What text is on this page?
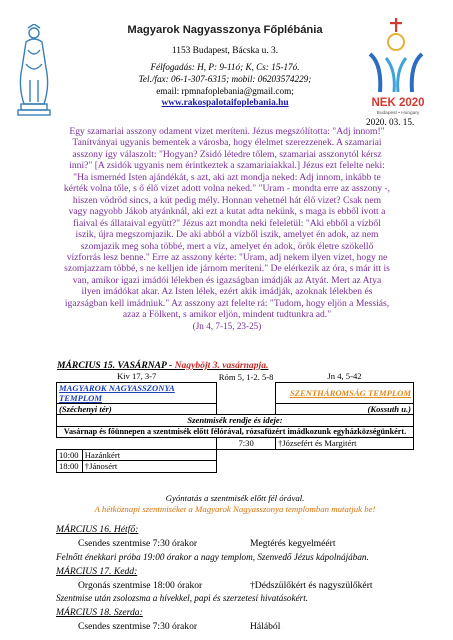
NEK 2020
Budapest • Hungary
Magyarok Nagyasszonya Főplébánia
1153 Budapest, Bácska u. 3.
Félfogadás: H, P: 9-11ó; K, Cs: 15-17ó.
Tel./fax: 06-1-307-6315; mobil: 06203574229;
email: rpmnafoplebania@gmail.com;
www.rakospalotaifoplebania.hu
2020. 03. 15.
Egy szamariai asszony odament vizet meríteni. Jézus megszólította: "Adj innom!"
Tanítványai ugyanis bementek a városba, hogy élelmet szerezzenek. A szamariai
asszony így válaszolt: "Hogyan? Zsidó létedre tőlem, szamariai asszonytól kérsz
inni?" [A zsidók ugyanis nem érintkeztek a szamariaiakkal.] Jézus ezt felelte neki:
"Ha ismernéd Isten ajándékát, s azt, aki azt mondja neked: Adj innom, inkább te
kérték volna tőle, s ő élő vizet adott volna neked." "Uram - mondta erre az asszony -,
hiszen vödröd sincs, a kút pedig mély. Honnan vehetnél hát élő vizet? Csak nem
vagy nagyobb Jákob atyánknál, aki ezt a kutat adta nekünk, s maga is ebből ivott a
fiaival és állataival együtt?" Jézus azt mondta neki feleletül: "Aki ebből a vízből
iszik, újra megszomjazik. De aki abból a vízből iszik, amelyet én adok, az nem
szomjazik meg soha többé, mert a víz, amelyet én adok, örök életre szökellő
vízforrás lesz benne." Erre az asszony kérte: "Uram, adj nekem ilyen vizet, hogy ne
szomjazzam többé, s ne kelljen ide járnom meríteni." De elérkezik az óra, s már itt is
van, amikor igazi imádói lélekben és igazságban imádják az Atyát. Mert az Atya
ilyen imádókat akar. Az Isten lélek, ezért akik imádják, azoknak lélekben és
igazságban kell imádniuk." Az asszony azt felelte rá: "Tudom, hogy eljön a Messiás,
azaz a Fölkent, s amikor eljön, mindent tudtunkra ad."
(Jn 4, 7-15, 23-25)
MÁRCIUS 15. VASÁRNAP - Nagyböjt 3. vasárnapja.
Kiv 17, 3-7		Róm 5, 1-2. 5-8	Jn 4, 5-42
MAGYAROK NAGYASSZONYA TEMPLOM			SZENTHÁROMSÁG TEMPLOM
(Széchenyi tér)			(Kossuth u.)
Szentmisék rendje és ideje:			
Vasárnap és főünnepen a szentmisék előtt félórával, rózsafüzért imádkozunk egyházközségünkért.			
		7:30	†Józsefért és Margitért
10:00	Hazánkért		
18:00	†Jánosért		
Gyóntatás a szentmisék előtt fél órával.
A hétköznapi szentmiséket a Magyarok Nagyasszonya templomban mutatjuk be!
MÁRCIUS 16. Hétfő:
Csendes szentmise 7:30 órakor	Megtérés kegyelméért
Felnőtt énekkari próba 19:00 órakor a nagy templom, Szenvedő Jézus kápolnájában.
MÁRCIUS 17. Kedd:
Orgonás szentmise 18:00 órakor	†Dédszülőkért és nagyszülőkért
Szentmise után zsolozsma a hívekkel, papi és szerzetesi hivatásokért.
MÁRCIUS 18. Szerda:
Csendes szentmise 7:30 órakor	Hálából
